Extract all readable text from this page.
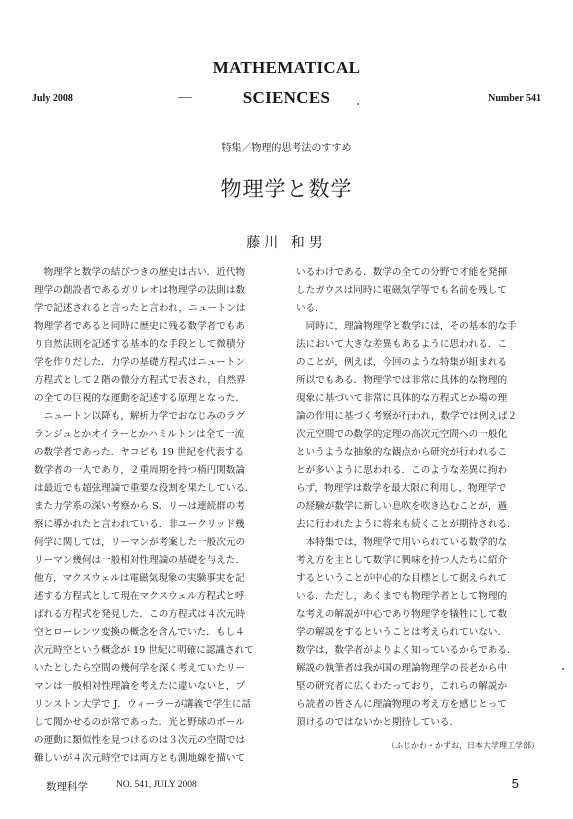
MATHEMATICAL
SCIENCES
July 2008	Number 541
特集／物理的思考法のすすめ
物理学と数学
藤川 和男
　物理学と数学の結びつきの歴史は古い．近代物
理学の創設者であるガリレオは物理学の法則は数
学で記述されると言ったと言われ，ニュートンは
物理学者であると同時に歴史に残る数学者でもあ
り自然法則を記述する基本的な手段として微積分
学を作りだした．力学の基礎方程式はニュートン
方程式として２階の微分方程式で表され，自然界
の全ての巨視的な運動を記述する原理となった．
　ニュートン以降も，解析力学でおなじみのラグ
ランジュとかオイラーとかハミルトンは全て一流
の数学者であった．ヤコビも 19 世紀を代表する
数学者の一人であり，２重周期を持つ楕円関数論
は最近でも超弦理論で重要な役割を果たしている．
また力学系の深い考察から S．リーは連続群の考
察に導かれたと言われている．非ユークリッド幾
何学に関しては，リーマンが考案した一般次元の
リーマン幾何は一般相対性理論の基礎を与えた．
他方，マクスウェルは電磁気現象の実験事実を記
述する方程式として現在マクスウェル方程式と呼
ばれる方程式を発見した．この方程式は４次元時
空とローレンツ変換の概念を含んでいた．もし４
次元時空という概念が 19 世紀に明確に認識されて
いたとしたら空間の幾何学を深く考えていたリー
マンは一般相対性理論を考えたに違いないと，プ
リンストン大学で J．ウィーラーが講義で学生に話
して聞かせるのが常であった．光と野球のボール
の運動に類似性を見つけるのは３次元の空間では
難しいが４次元時空では両方とも測地線を描いて
いるわけである．数学の全ての分野で才能を発揮
したガウスは同時に電磁気学等でも名前を残して
いる．
　同時に，理論物理学と数学には，その基本的な手
法において大きな差異もあるように思われる．こ
のことが，例えば，今回のような特集が組まれる
所以でもある．物理学では非常に具体的な物理的
現象に基づいて非常に具体的な方程式とか場の理
論の作用に基づく考察が行われ，数学では例えば２
次元空間での数学的定理の高次元空間への一般化
というような抽象的な観点から研究が行われるこ
とが多いように思われる．このような差異に拘わ
らず，物理学は数学を最大限に利用し，物理学で
の経験が数学に新しい息吹を吹き込むことが，過
去に行われたように将来も続くことが期待される．
　本特集では，物理学で用いられている数学的な
考え方を主として数学に興味を持つ人たちに紹介
するということが中心的な目標として据えられて
いる．ただし，あくまでも物理学者として物理的
な考えの解説が中心であり物理学を犠牲にして数
学の解説をするということは考えられていない．
数学は，数学者がよりよく知っているからである．
解説の執筆者は我が国の理論物理学の長老から中
堅の研究者に広くわたっており，これらの解説か
ら読者の皆さんに理論物理の考え方を感じとって
頂けるのではないかと期待している．
（ふじかわ・かずお，日本大学理工学部）
数理科学	NO. 541, JULY 2008	5
